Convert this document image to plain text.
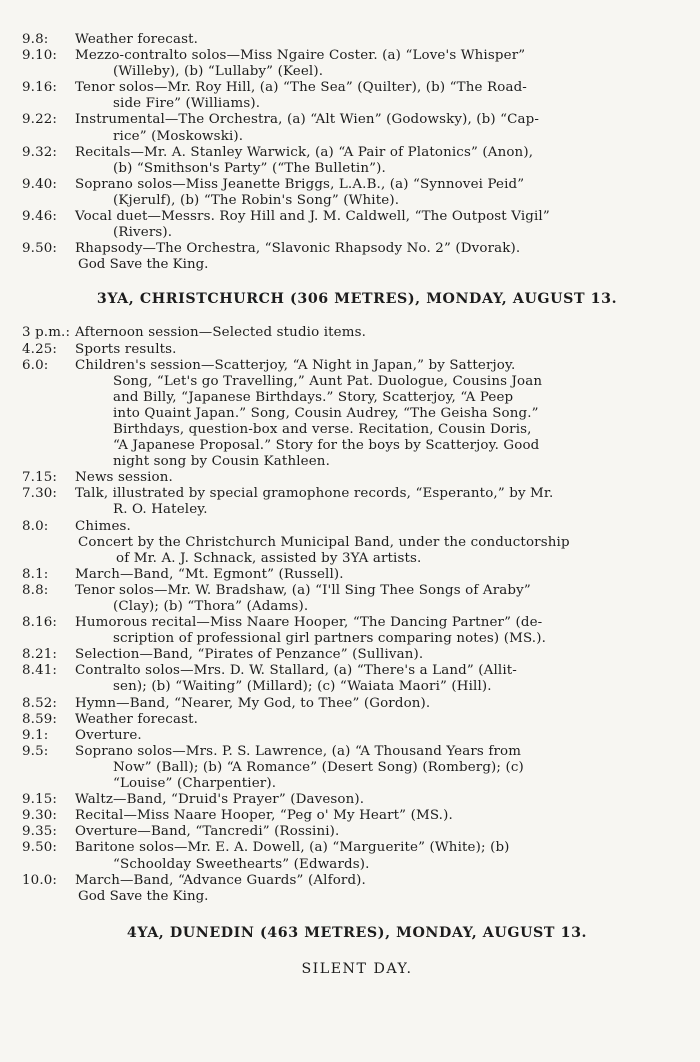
9.8:	Weather forecast.
9.10:	Mezzo-contralto solos—Miss Ngaire Coster. (a) “Love's Whisper”
(Willeby), (b) “Lullaby” (Keel).
9.16:	Tenor solos—Mr. Roy Hill, (a) “The Sea” (Quilter), (b) “The Road-
side Fire” (Williams).
9.22:	Instrumental—The Orchestra, (a) “Alt Wien” (Godowsky), (b) “Cap-
rice” (Moskowski).
9.32:	Recitals—Mr. A. Stanley Warwick, (a) “A Pair of Platonics” (Anon),
(b) “Smithson's Party” (“The Bulletin”).
9.40:	Soprano solos—Miss Jeanette Briggs, L.A.B., (a) “Synnovei Peid”
(Kjerulf), (b) “The Robin's Song” (White).
9.46:	Vocal duet—Messrs. Roy Hill and J. M. Caldwell, “The Outpost Vigil”
(Rivers).
9.50:	Rhapsody—The Orchestra, “Slavonic Rhapsody No. 2” (Dvorak).
God Save the King.
3YA, CHRISTCHURCH (306 METRES), MONDAY, AUGUST 13.
3 p.m.: Afternoon session—Selected studio items.
4.25:	Sports results.
6.0:	Children's session—Scatterjoy, “A Night in Japan,” by Satterjoy.
Song, “Let's go Travelling,” Aunt Pat. Duologue, Cousins Joan
and Billy, “Japanese Birthdays.” Story, Scatterjoy, “A Peep
into Quaint Japan.” Song, Cousin Audrey, “The Geisha Song.”
Birthdays, question-box and verse. Recitation, Cousin Doris,
“A Japanese Proposal.” Story for the boys by Scatterjoy. Good
night song by Cousin Kathleen.
7.15:	News session.
7.30:	Talk, illustrated by special gramophone records, “Esperanto,” by Mr.
R. O. Hateley.
8.0:	Chimes.
Concert by the Christchurch Municipal Band, under the conductorship
of Mr. A. J. Schnack, assisted by 3YA artists.
8.1:	March—Band, “Mt. Egmont” (Russell).
8.8:	Tenor solos—Mr. W. Bradshaw, (a) “I'll Sing Thee Songs of Araby”
(Clay); (b) “Thora” (Adams).
8.16:	Humorous recital—Miss Naare Hooper, “The Dancing Partner” (de-
scription of professional girl partners comparing notes) (MS.).
8.21:	Selection—Band, “Pirates of Penzance” (Sullivan).
8.41:	Contralto solos—Mrs. D. W. Stallard, (a) “There's a Land” (Allit-
sen); (b) “Waiting” (Millard); (c) “Waiata Maori” (Hill).
8.52:	Hymn—Band, “Nearer, My God, to Thee” (Gordon).
8.59:	Weather forecast.
9.1:	Overture.
9.5:	Soprano solos—Mrs. P. S. Lawrence, (a) “A Thousand Years from
Now” (Ball); (b) “A Romance” (Desert Song) (Romberg); (c)
“Louise” (Charpentier).
9.15:	Waltz—Band, “Druid's Prayer” (Daveson).
9.30:	Recital—Miss Naare Hooper, “Peg o' My Heart” (MS.).
9.35:	Overture—Band, “Tancredi” (Rossini).
9.50:	Baritone solos—Mr. E. A. Dowell, (a) “Marguerite” (White); (b)
“Schoolday Sweethearts” (Edwards).
10.0:	March—Band, “Advance Guards” (Alford).
God Save the King.
4YA, DUNEDIN (463 METRES), MONDAY, AUGUST 13.
SILENT DAY.
